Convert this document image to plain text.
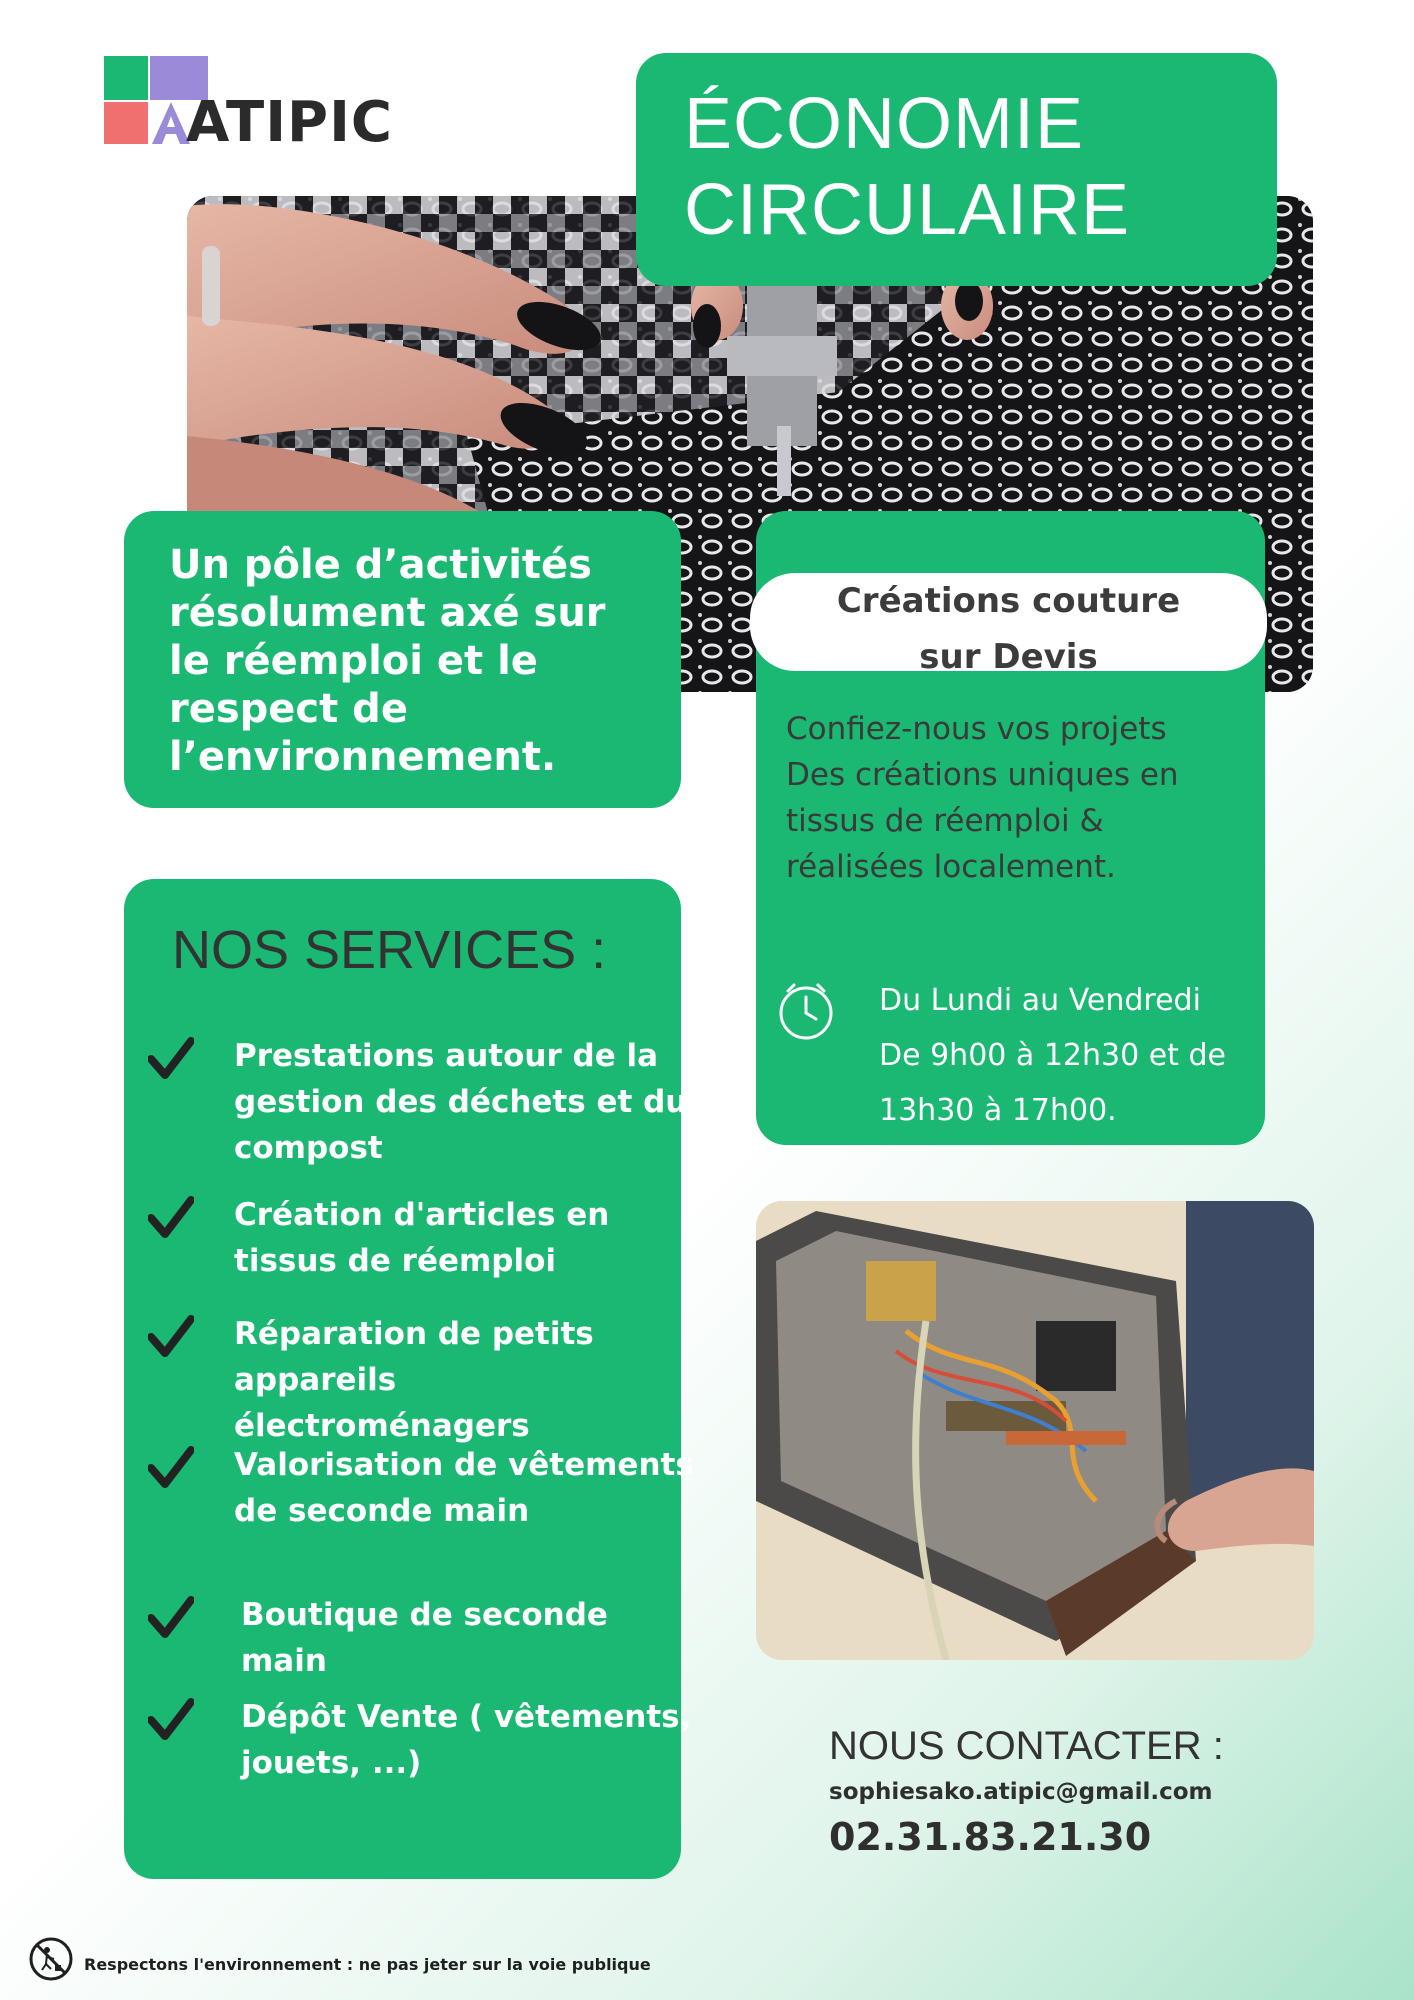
ATIPIC	ÉCONOMIE
CIRCULAIRE
Un pôle d’activités résolument axé sur le réemploi et le respect de l’environnement.
Créations couture
sur Devis
Confiez-nous vos projets
Des créations uniques en
tissus de réemploi &
réalisées localement.
Du Lundi au Vendredi
De 9h00 à 12h30 et de
13h30 à 17h00.
NOS SERVICES :
Prestations autour de la gestion des déchets et du compost
Création d'articles en tissus de réemploi
Réparation de petits appareils électroménagers
Valorisation de vêtements de seconde main
Boutique de seconde main
Dépôt Vente ( vêtements, jouets, ...)	NOUS CONTACTER :
sophiesako.atipic@gmail.com
02.31.83.21.30
Respectons l'environnement : ne pas jeter sur la voie publique
